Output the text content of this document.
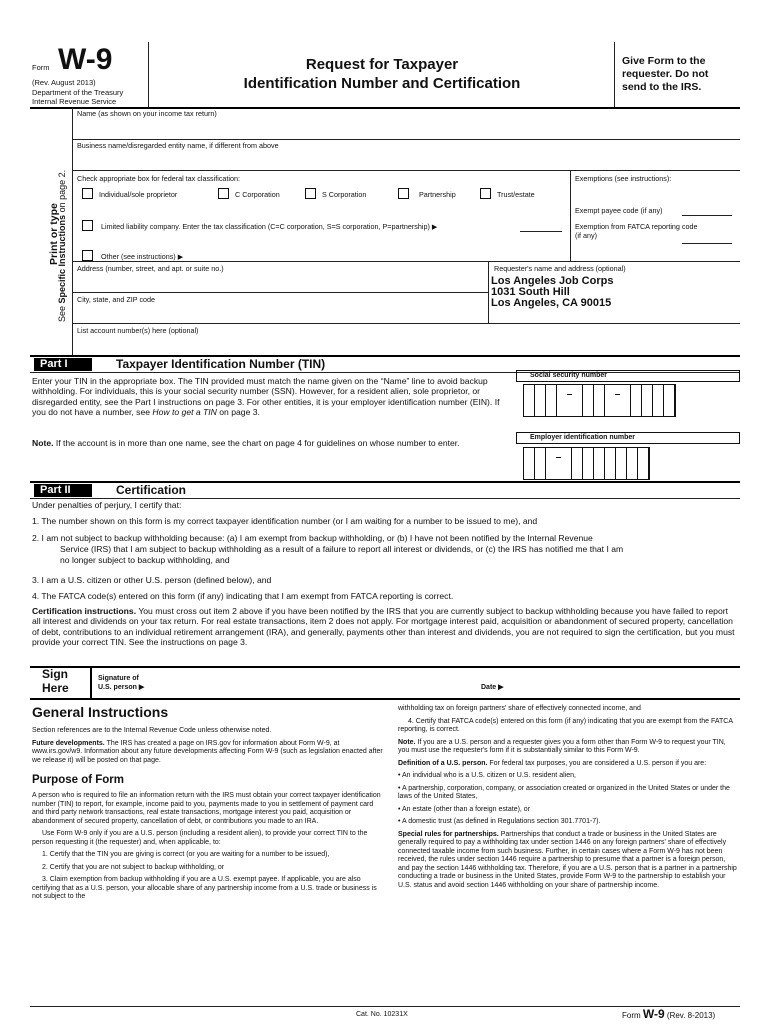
Form W-9
(Rev. August 2013)
Department of the Treasury
Internal Revenue Service
Request for Taxpayer
Identification Number and Certification
Give Form to the requester. Do not send to the IRS.
Print or type
See Specific Instructions on page 2.
Name (as shown on your income tax return)
Business name/disregarded entity name, if different from above
Check appropriate box for federal tax classification:
Individual/sole proprietor	C Corporation	S Corporation	Partnership	Trust/estate
Limited liability company. Enter the tax classification (C=C corporation, S=S corporation, P=partnership) ▶
Other (see instructions) ▶
Exemptions (see instructions):
Exempt payee code (if any)
Exemption from FATCA reporting code (if any)
Address (number, street, and apt. or suite no.)	Requester's name and address (optional)
Los Angeles Job Corps
1031 South Hill
Los Angeles, CA 90015
City, state, and ZIP code
List account number(s) here (optional)
Part I	Taxpayer Identification Number (TIN)
Enter your TIN in the appropriate box. The TIN provided must match the name given on the “Name” line to avoid backup withholding. For individuals, this is your social security number (SSN). However, for a resident alien, sole proprietor, or disregarded entity, see the Part I instructions on page 3. For other entities, it is your employer identification number (EIN). If you do not have a number, see How to get a TIN on page 3.
Note. If the account is in more than one name, see the chart on page 4 for guidelines on whose number to enter.
Social security number
–	–
Employer identification number
–
Part II	Certification
Under penalties of perjury, I certify that:
1. The number shown on this form is my correct taxpayer identification number (or I am waiting for a number to be issued to me), and
2. I am not subject to backup withholding because: (a) I am exempt from backup withholding, or (b) I have not been notified by the Internal Revenue
Service (IRS) that I am subject to backup withholding as a result of a failure to report all interest or dividends, or (c) the IRS has notified me that I am
no longer subject to backup withholding, and
3. I am a U.S. citizen or other U.S. person (defined below), and
4. The FATCA code(s) entered on this form (if any) indicating that I am exempt from FATCA reporting is correct.
Certification instructions. You must cross out item 2 above if you have been notified by the IRS that you are currently subject to backup withholding because you have failed to report all interest and dividends on your tax return. For real estate transactions, item 2 does not apply. For mortgage interest paid, acquisition or abandonment of secured property, cancellation of debt, contributions to an individual retirement arrangement (IRA), and generally, payments other than interest and dividends, you are not required to sign the certification, but you must provide your correct TIN. See the instructions on page 3.
Sign
Here
Signature of
U.S. person ▶	Date ▶
General Instructions
Section references are to the Internal Revenue Code unless otherwise noted.
Future developments. The IRS has created a page on IRS.gov for information about Form W-9, at www.irs.gov/w9. Information about any future developments affecting Form W-9 (such as legislation enacted after we release it) will be posted on that page.
Purpose of Form
A person who is required to file an information return with the IRS must obtain your correct taxpayer identification number (TIN) to report, for example, income paid to you, payments made to you in settlement of payment card and third party network transactions, real estate transactions, mortgage interest you paid, acquisition or abandonment of secured property, cancellation of debt, or contributions you made to an IRA.
Use Form W-9 only if you are a U.S. person (including a resident alien), to provide your correct TIN to the person requesting it (the requester) and, when applicable, to:
1. Certify that the TIN you are giving is correct (or you are waiting for a number to be issued),
2. Certify that you are not subject to backup withholding, or
3. Claim exemption from backup withholding if you are a U.S. exempt payee. If applicable, you are also certifying that as a U.S. person, your allocable share of any partnership income from a U.S. trade or business is not subject to the
withholding tax on foreign partners' share of effectively connected income, and
4. Certify that FATCA code(s) entered on this form (if any) indicating that you are exempt from the FATCA reporting, is correct.
Note. If you are a U.S. person and a requester gives you a form other than Form W-9 to request your TIN, you must use the requester's form if it is substantially similar to this Form W-9.
Definition of a U.S. person. For federal tax purposes, you are considered a U.S. person if you are:
• An individual who is a U.S. citizen or U.S. resident alien,
• A partnership, corporation, company, or association created or organized in the United States or under the laws of the United States,
• An estate (other than a foreign estate), or
• A domestic trust (as defined in Regulations section 301.7701-7).
Special rules for partnerships. Partnerships that conduct a trade or business in the United States are generally required to pay a withholding tax under section 1446 on any foreign partners' share of effectively connected taxable income from such business. Further, in certain cases where a Form W-9 has not been received, the rules under section 1446 require a partnership to presume that a partner is a foreign person, and pay the section 1446 withholding tax. Therefore, if you are a U.S. person that is a partner in a partnership conducting a trade or business in the United States, provide Form W-9 to the partnership to establish your U.S. status and avoid section 1446 withholding on your share of partnership income.
Cat. No. 10231X	Form W-9 (Rev. 8-2013)
